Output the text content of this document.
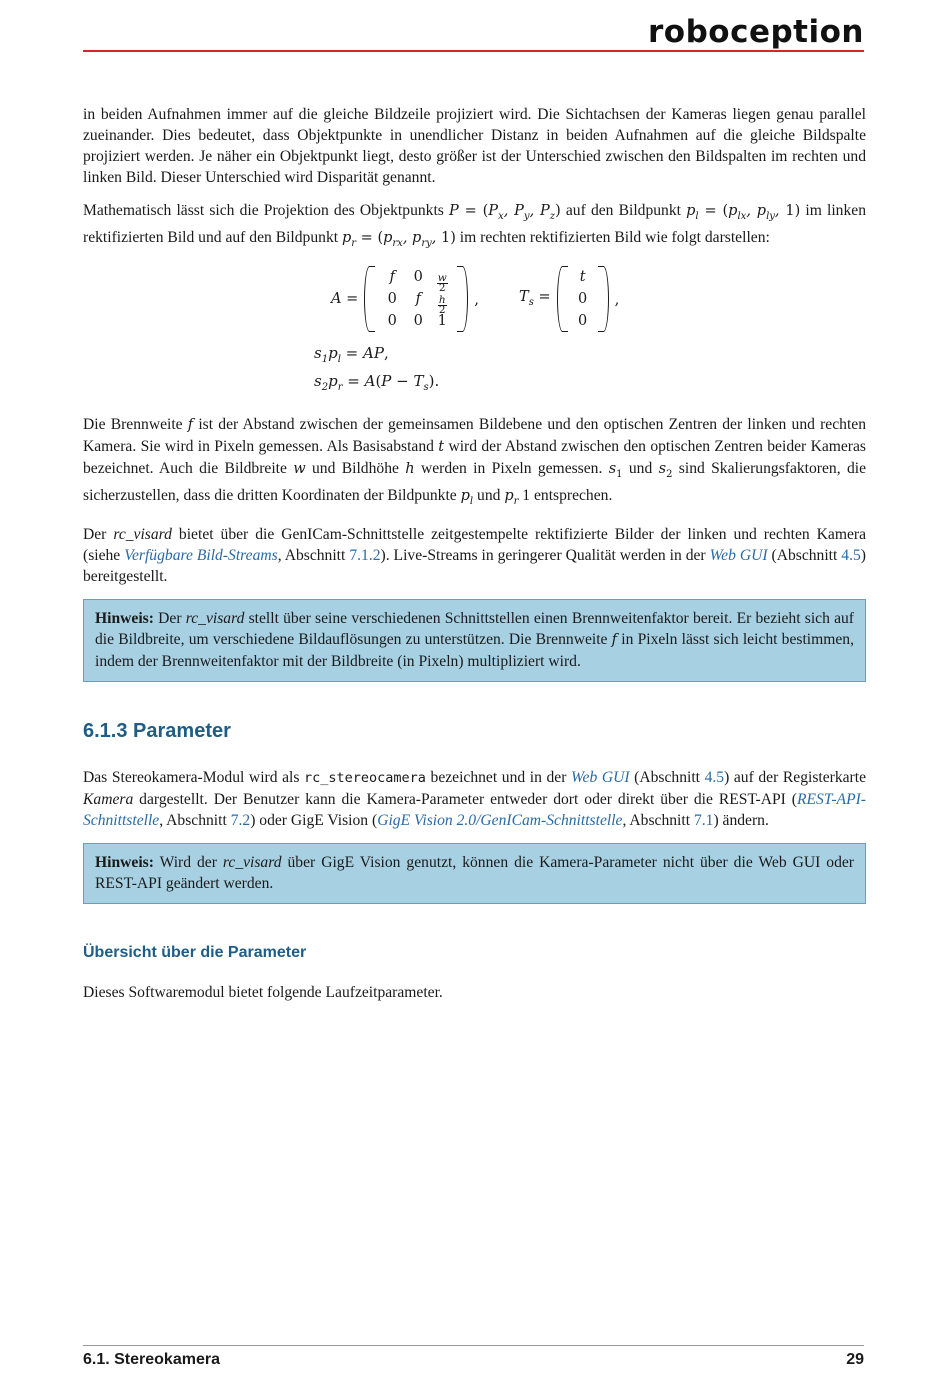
roboception

in beiden Aufnahmen immer auf die gleiche Bildzeile projiziert wird. Die Sichtachsen der Kameras liegen genau parallel zueinander. Dies bedeutet, dass Objektpunkte in unendlicher Distanz in beiden Aufnahmen auf die gleiche Bildspalte projiziert werden. Je näher ein Objektpunkt liegt, desto größer ist der Unterschied zwischen den Bildspalten im rechten und linken Bild. Dieser Unterschied wird Disparität genannt.

Mathematisch lässt sich die Projektion des Objektpunkts $P = (P_x$, $P_y$, $P_z$) auf den Bildpunkt $p_l = (p_{lx}$, $p_{ly}$, 1) im linken rektifizierten Bild und auf den Bildpunkt $p_r = (p_{rx}$, $p_{ry}$, 1) im rechten rektifizierten Bild wie folgt darstellen:

A =
f	0	$\frac{w}{2}$
0	f	$\frac{h}{2}$
0	0	1
,	$T_s$ =
t
0
0
,
$s_1p_l$ = AP,
$s_2p_r = A(P - T_s)$.

Die Brennweite f ist der Abstand zwischen der gemeinsamen Bildebene und den optischen Zentren der linken und rechten Kamera. Sie wird in Pixeln gemessen. Als Basisabstand t wird der Abstand zwischen den optischen Zentren beider Kameras bezeichnet. Auch die Bildbreite w und Bildhöhe h werden in Pixeln gemessen. $s_1$ und $s_2$ sind Skalierungsfaktoren, die sicherzustellen, dass die dritten Koordinaten der Bildpunkte $p_l$ und $p_r$ 1 entsprechen.

Der rc_visard bietet über die GenICam-Schnittstelle zeitgestempelte rektifizierte Bilder der linken und rechten Kamera (siehe Verfügbare Bild-Streams, Abschnitt 7.1.2). Live-Streams in geringerer Qualität werden in der Web GUI (Abschnitt 4.5) bereitgestellt.

Hinweis: Der rc_visard stellt über seine verschiedenen Schnittstellen einen Brennweitenfaktor bereit. Er bezieht sich auf die Bildbreite, um verschiedene Bildauflösungen zu unterstützen. Die Brennweite f in Pixeln lässt sich leicht bestimmen, indem der Brennweitenfaktor mit der Bildbreite (in Pixeln) multipliziert wird.

6.1.3 Parameter

Das Stereokamera-Modul wird als rc_stereocamera bezeichnet und in der Web GUI (Abschnitt 4.5) auf der Registerkarte Kamera dargestellt. Der Benutzer kann die Kamera-Parameter entweder dort oder direkt über die REST-API (REST-API-Schnittstelle, Abschnitt 7.2) oder GigE Vision (GigE Vision 2.0/GenICam-Schnittstelle, Abschnitt 7.1) ändern.

Hinweis: Wird der rc_visard über GigE Vision genutzt, können die Kamera-Parameter nicht über die Web GUI oder REST-API geändert werden.

Übersicht über die Parameter

Dieses Softwaremodul bietet folgende Laufzeitparameter.

6.1. Stereokamera	29
